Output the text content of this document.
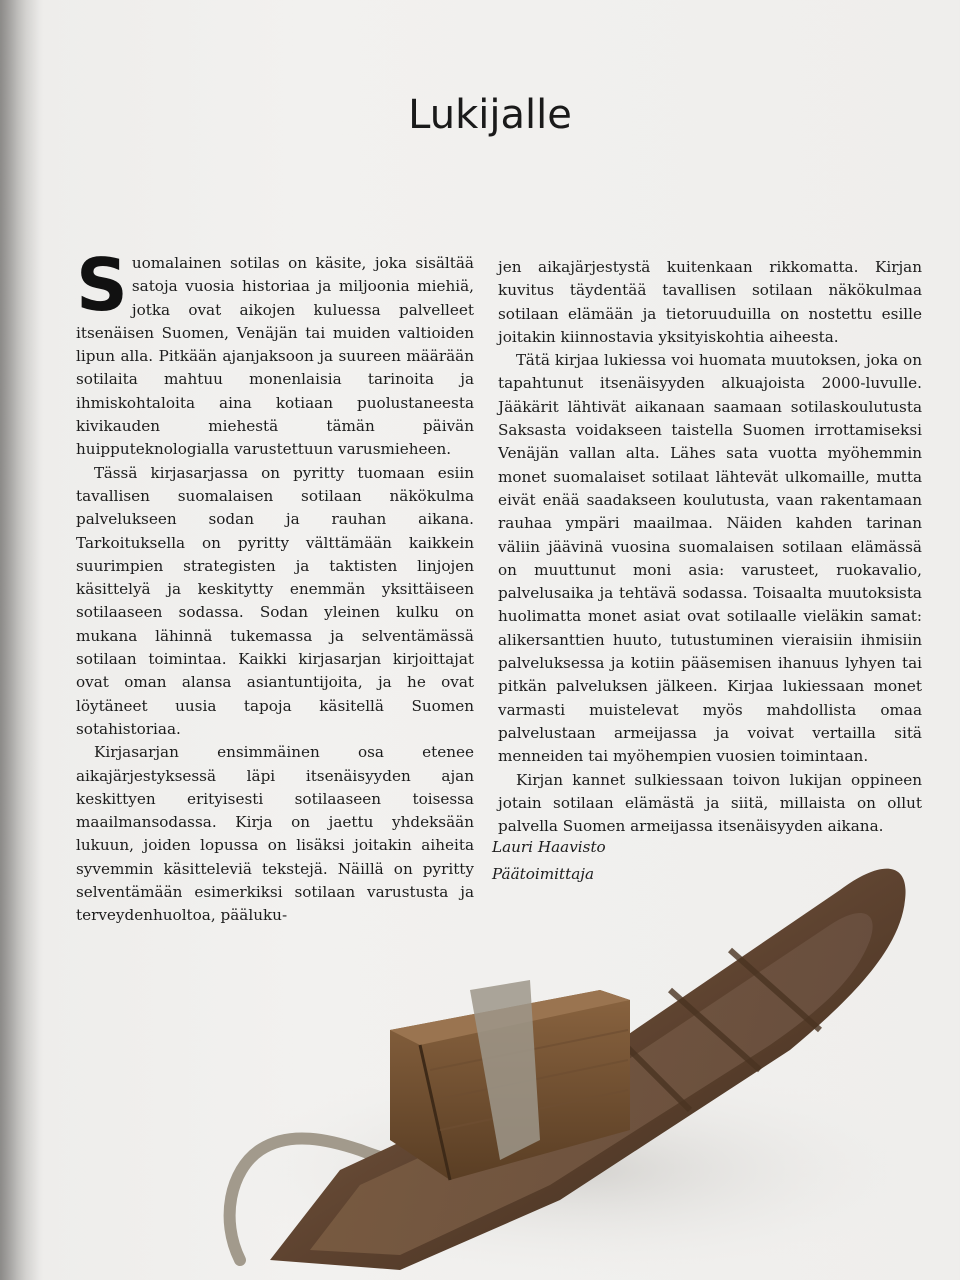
Lukijalle

Suomalainen sotilas on käsite, joka sisältää satoja vuosia historiaa ja miljoonia miehiä, jotka ovat aikojen kuluessa palvelleet itsenäisen Suomen, Venäjän tai muiden valtioiden lipun alla. Pitkään ajanjaksoon ja suureen määrään sotilaita mahtuu monenlaisia tarinoita ja ihmiskohtaloita aina kotiaan puolustaneesta kivikauden miehestä tämän päivän huipputeknologialla varustettuun varusmieheen.

Tässä kirjasarjassa on pyritty tuomaan esiin tavallisen suomalaisen sotilaan näkökulma palvelukseen sodan ja rauhan aikana. Tarkoituksella on pyritty välttämään kaikkein suurimpien strategisten ja taktisten linjojen käsittelyä ja keskitytty enemmän yksittäiseen sotilaaseen sodassa. Sodan yleinen kulku on mukana lähinnä tukemassa ja selventämässä sotilaan toimintaa. Kaikki kirjasarjan kirjoittajat ovat oman alansa asiantuntijoita, ja he ovat löytäneet uusia tapoja käsitellä Suomen sotahistoriaa.

Kirjasarjan ensimmäinen osa etenee aikajärjestyksessä läpi itsenäisyyden ajan keskittyen erityisesti sotilaaseen toisessa maailmansodassa. Kirja on jaettu yhdeksään lukuun, joiden lopussa on lisäksi joitakin aiheita syvemmin käsitteleviä tekstejä. Näillä on pyritty selventämään esimerkiksi sotilaan varustusta ja terveydenhuoltoa, pääluku-

jen aikajärjestystä kuitenkaan rikkomatta. Kirjan kuvitus täydentää tavallisen sotilaan näkökulmaa sotilaan elämään ja tietoruuduilla on nostettu esille joitakin kiinnostavia yksityiskohtia aiheesta.

Tätä kirjaa lukiessa voi huomata muutoksen, joka on tapahtunut itsenäisyyden alkuajoista 2000-luvulle. Jääkärit lähtivät aikanaan saamaan sotilaskoulutusta Saksasta voidakseen taistella Suomen irrottamiseksi Venäjän vallan alta. Lähes sata vuotta myöhemmin monet suomalaiset sotilaat lähtevät ulkomaille, mutta eivät enää saadakseen koulutusta, vaan rakentamaan rauhaa ympäri maailmaa. Näiden kahden tarinan väliin jäävinä vuosina suomalaisen sotilaan elämässä on muuttunut moni asia: varusteet, ruokavalio, palvelusaika ja tehtävä sodassa. Toisaalta muutoksista huolimatta monet asiat ovat sotilaalle vieläkin samat: alikersanttien huuto, tutustuminen vieraisiin ihmisiin palveluksessa ja kotiin pääsemisen ihanuus lyhyen tai pitkän palveluksen jälkeen. Kirjaa lukiessaan monet varmasti muistelevat myös mahdollista omaa palvelustaan armeijassa ja voivat vertailla sitä menneiden tai myöhempien vuosien toimintaan.

Kirjan kannet sulkiessaan toivon lukijan oppineen jotain sotilaan elämästä ja siitä, millaista on ollut palvella Suomen armeijassa itsenäisyyden aikana.

Lauri Haavisto
Päätoimittaja
